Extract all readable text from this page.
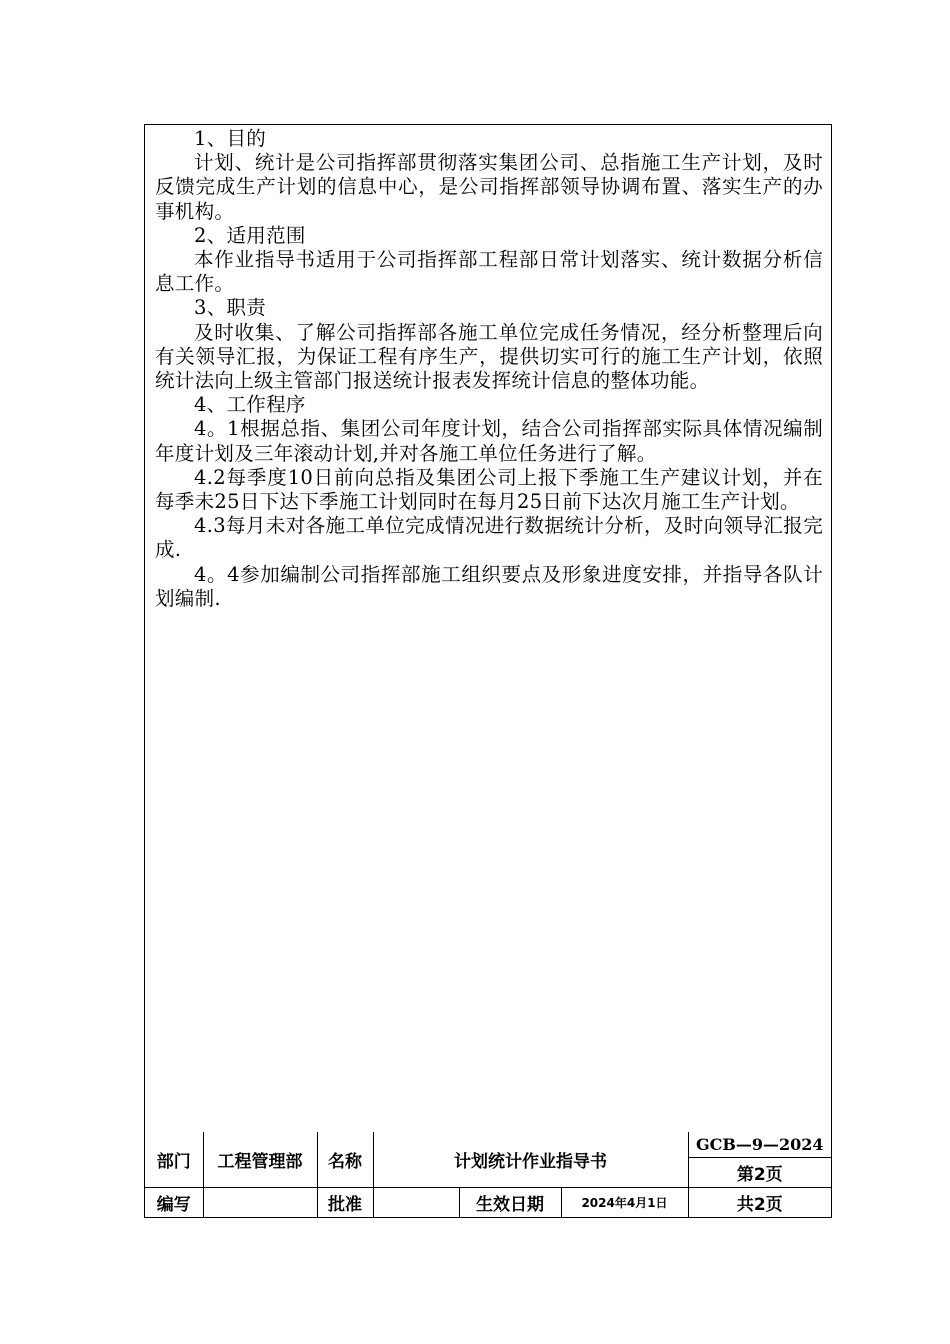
1、目的

计划、统计是公司指挥部贯彻落实集团公司、总指施工生产计划，及时反馈完成生产计划的信息中心，是公司指挥部领导协调布置、落实生产的办事机构。

2、适用范围

本作业指导书适用于公司指挥部工程部日常计划落实、统计数据分析信息工作。

3、职责

及时收集、了解公司指挥部各施工单位完成任务情况，经分析整理后向有关领导汇报，为保证工程有序生产，提供切实可行的施工生产计划，依照统计法向上级主管部门报送统计报表发挥统计信息的整体功能。

4、工作程序

4。1根据总指、集团公司年度计划，结合公司指挥部实际具体情况编制年度计划及三年滚动计划,并对各施工单位任务进行了解。

4.2每季度10日前向总指及集团公司上报下季施工生产建议计划，并在每季未25日下达下季施工计划同时在每月25日前下达次月施工生产计划。

4.3每月未对各施工单位完成情况进行数据统计分析，及时向领导汇报完成.

4。4参加编制公司指挥部施工组织要点及形象进度安排，并指导各队计划编制.

部门	工程管理部	名称	计划统计作业指导书			GCB—9—2024
第2页

编写		批准		生效日期	2024年4月1日	共2页
